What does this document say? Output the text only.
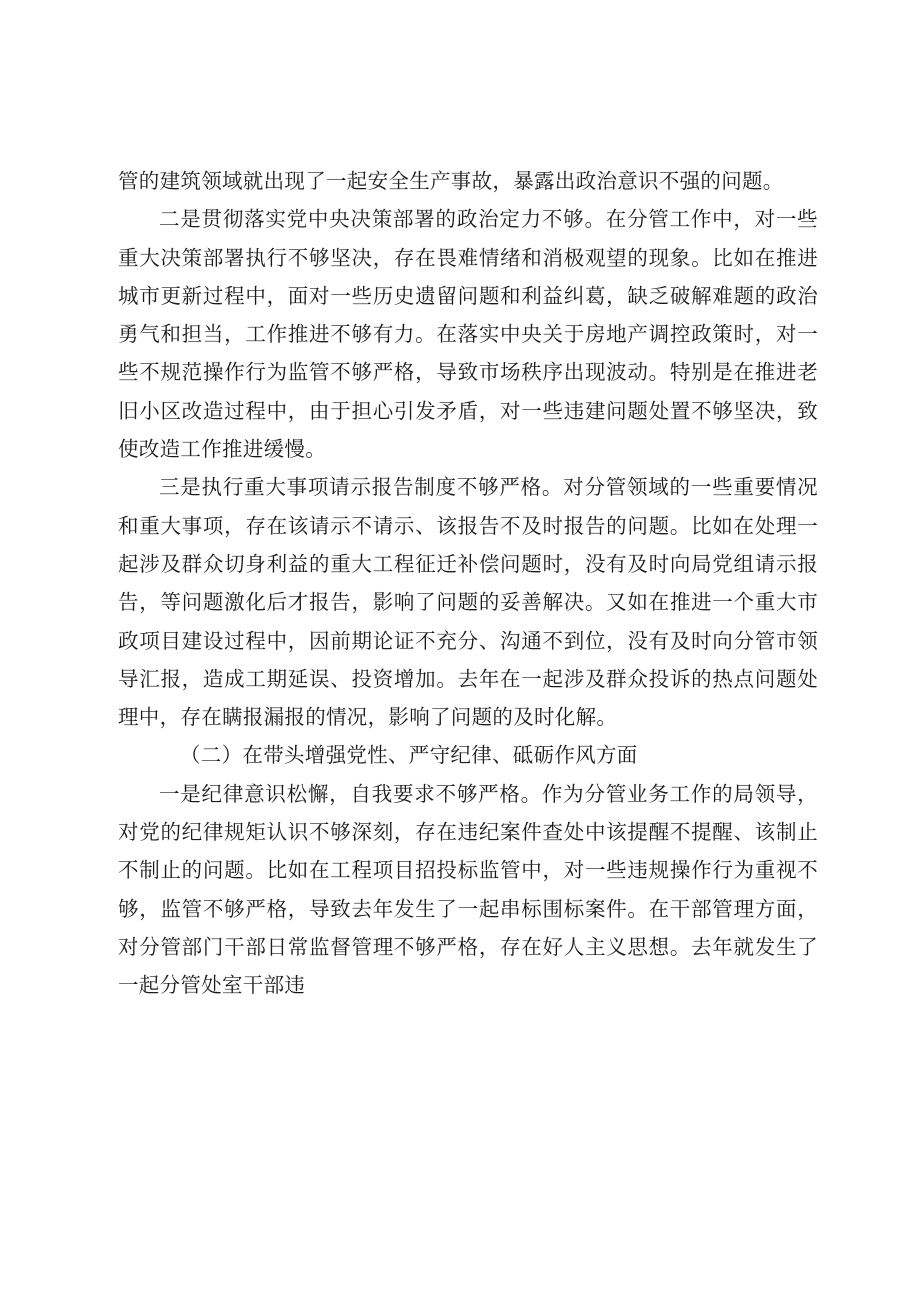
管的建筑领域就出现了一起安全生产事故，暴露出政治意识不强的问题。

二是贯彻落实党中央决策部署的政治定力不够。在分管工作中，对一些重大决策部署执行不够坚决，存在畏难情绪和消极观望的现象。比如在推进城市更新过程中，面对一些历史遗留问题和利益纠葛，缺乏破解难题的政治勇气和担当，工作推进不够有力。在落实中央关于房地产调控政策时，对一些不规范操作行为监管不够严格，导致市场秩序出现波动。特别是在推进老旧小区改造过程中，由于担心引发矛盾，对一些违建问题处置不够坚决，致使改造工作推进缓慢。

三是执行重大事项请示报告制度不够严格。对分管领域的一些重要情况和重大事项，存在该请示不请示、该报告不及时报告的问题。比如在处理一起涉及群众切身利益的重大工程征迁补偿问题时，没有及时向局党组请示报告，等问题激化后才报告，影响了问题的妥善解决。又如在推进一个重大市政项目建设过程中，因前期论证不充分、沟通不到位，没有及时向分管市领导汇报，造成工期延误、投资增加。去年在一起涉及群众投诉的热点问题处理中，存在瞒报漏报的情况，影响了问题的及时化解。

（二）在带头增强党性、严守纪律、砥砺作风方面

一是纪律意识松懈，自我要求不够严格。作为分管业务工作的局领导，对党的纪律规矩认识不够深刻，存在违纪案件查处中该提醒不提醒、该制止不制止的问题。比如在工程项目招投标监管中，对一些违规操作行为重视不够，监管不够严格，导致去年发生了一起串标围标案件。在干部管理方面，对分管部门干部日常监督管理不够严格，存在好人主义思想。去年就发生了一起分管处室干部违
